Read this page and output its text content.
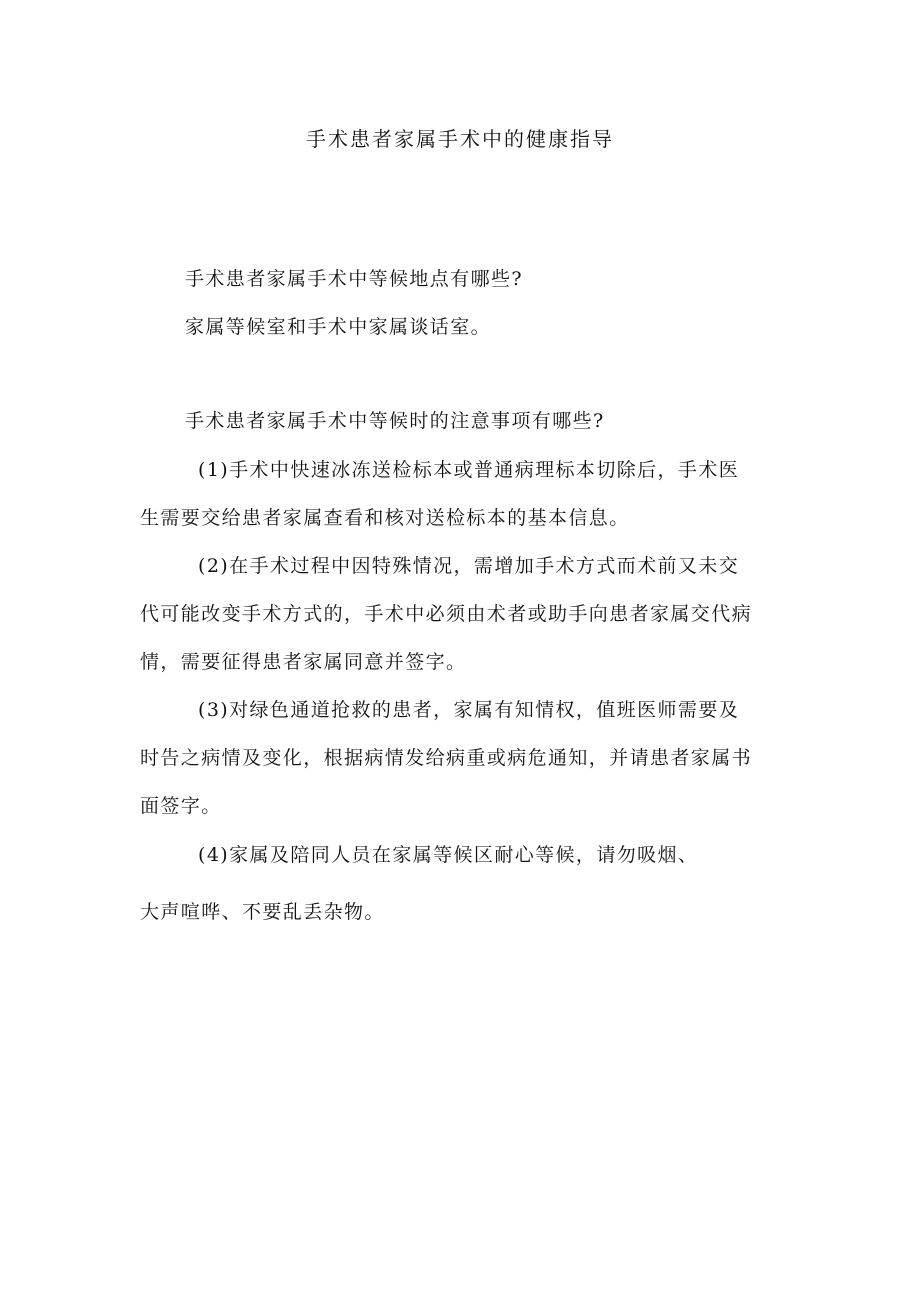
手术患者家属手术中的健康指导
手术患者家属手术中等候地点有哪些?
家属等候室和手术中家属谈话室。
手术患者家属手术中等候时的注意事项有哪些?
(1)手术中快速冰冻送检标本或普通病理标本切除后，手术医
生需要交给患者家属查看和核对送检标本的基本信息。
(2)在手术过程中因特殊情况，需增加手术方式而术前又未交
代可能改变手术方式的，手术中必须由术者或助手向患者家属交代病
情，需要征得患者家属同意并签字。
(3)对绿色通道抢救的患者，家属有知情权，值班医师需要及
时告之病情及变化，根据病情发给病重或病危通知，并请患者家属书
面签字。
(4)家属及陪同人员在家属等候区耐心等候，请勿吸烟、
大声喧哗、不要乱丢杂物。
